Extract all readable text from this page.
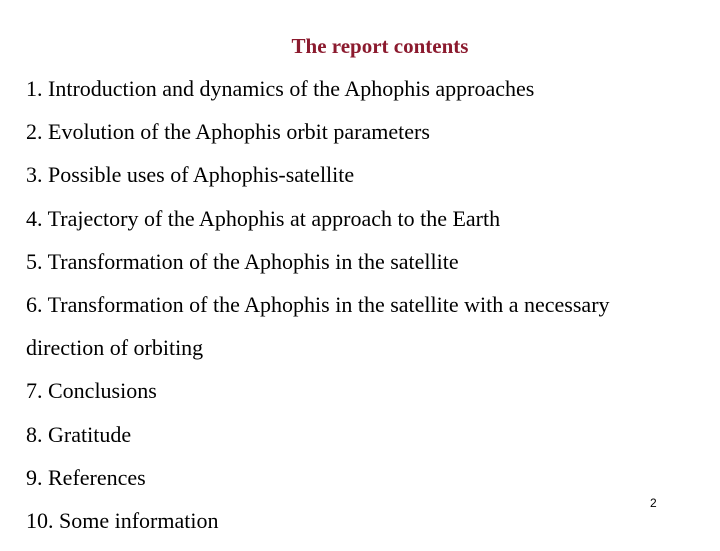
The report contents
1. Introduction and dynamics of the Aphophis approaches
2. Evolution of the Aphophis orbit parameters
3. Possible uses of Aphophis-satellite
4. Trajectory of the Aphophis at approach to the Earth
5. Transformation of the Aphophis in the satellite
6. Transformation of the Aphophis in the satellite with a necessary
direction of orbiting
7. Conclusions
8. Gratitude
9. References
10. Some information
2
